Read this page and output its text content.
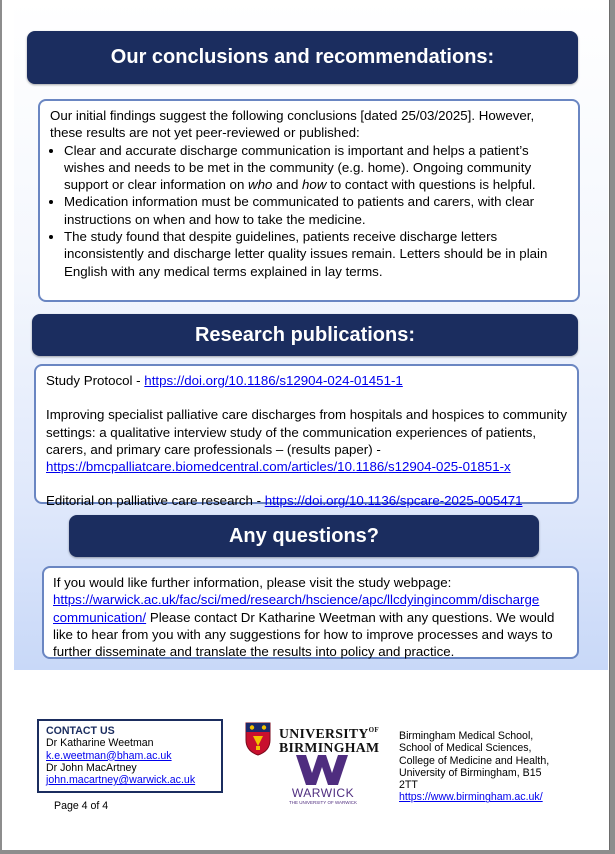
Our conclusions and recommendations:
Our initial findings suggest the following conclusions [dated 25/03/2025]. However, these results are not yet peer-reviewed or published:
• Clear and accurate discharge communication is important and helps a patient’s wishes and needs to be met in the community (e.g. home). Ongoing community support or clear information on who and how to contact with questions is helpful.
• Medication information must be communicated to patients and carers, with clear instructions on when and how to take the medicine.
• The study found that despite guidelines, patients receive discharge letters inconsistently and discharge letter quality issues remain. Letters should be in plain English with any medical terms explained in lay terms.
Research publications:
Study Protocol - https://doi.org/10.1186/s12904-024-01451-1
Improving specialist palliative care discharges from hospitals and hospices to community settings: a qualitative interview study of the communication experiences of patients, carers, and primary care professionals – (results paper) -
https://bmcpalliatcare.biomedcentral.com/articles/10.1186/s12904-025-01851-x
Editorial on palliative care research - https://doi.org/10.1136/spcare-2025-005471
Any questions?
If you would like further information, please visit the study webpage:
https://warwick.ac.uk/fac/sci/med/research/hscience/apc/llcdyingincomm/discharge communication/ Please contact Dr Katharine Weetman with any questions. We would like to hear from you with any suggestions for how to improve processes and ways to further disseminate and translate the results into policy and practice.
CONTACT US
Dr Katharine Weetman
k.e.weetman@bham.ac.uk
Dr John MacArtney
john.macartney@warwick.ac.uk
Page 4 of 4
$UNIVERSITY^{OF}$
BIRMINGHAM
WARWICK
THE UNIVERSITY OF WARWICK
Birmingham Medical School,
School of Medical Sciences,
College of Medicine and Health,
University of Birmingham, B15
2TT
https://www.birmingham.ac.uk/
